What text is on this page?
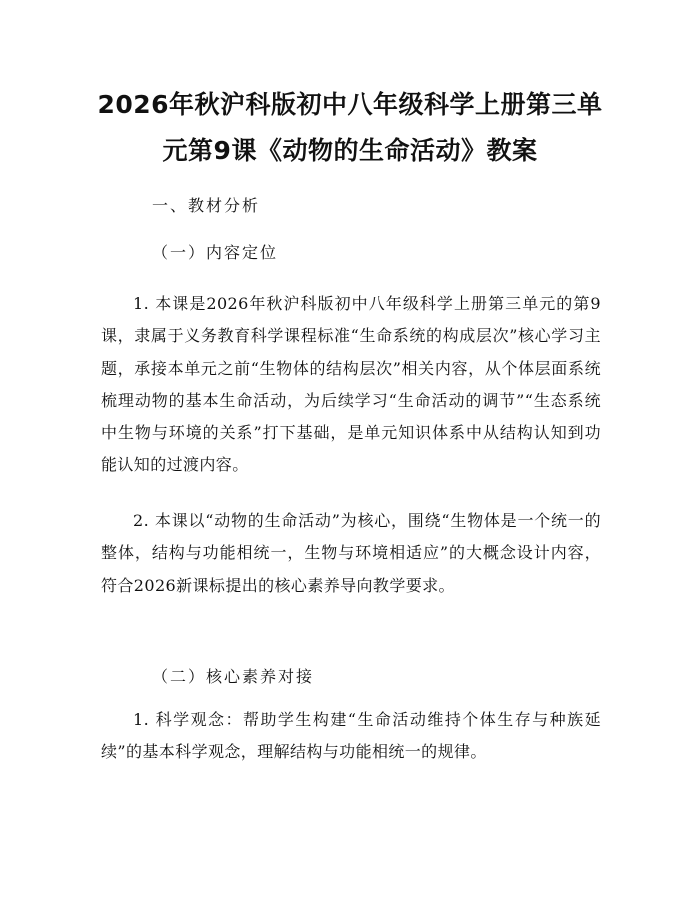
2026年秋沪科版初中八年级科学上册第三单
元第9课《动物的生命活动》教案

一、教材分析

（一）内容定位

1. 本课是2026年秋沪科版初中八年级科学上册第三单元的第9课，隶属于义务教育科学课程标准“生命系统的构成层次”核心学习主题，承接本单元之前“生物体的结构层次”相关内容，从个体层面系统梳理动物的基本生命活动，为后续学习“生命活动的调节”“生态系统中生物与环境的关系”打下基础，是单元知识体系中从结构认知到功能认知的过渡内容。

2. 本课以“动物的生命活动”为核心，围绕“生物体是一个统一的整体，结构与功能相统一，生物与环境相适应”的大概念设计内容，符合2026新课标提出的核心素养导向教学要求。

（二）核心素养对接

1. 科学观念：帮助学生构建“生命活动维持个体生存与种族延续”的基本科学观念，理解结构与功能相统一的规律。
